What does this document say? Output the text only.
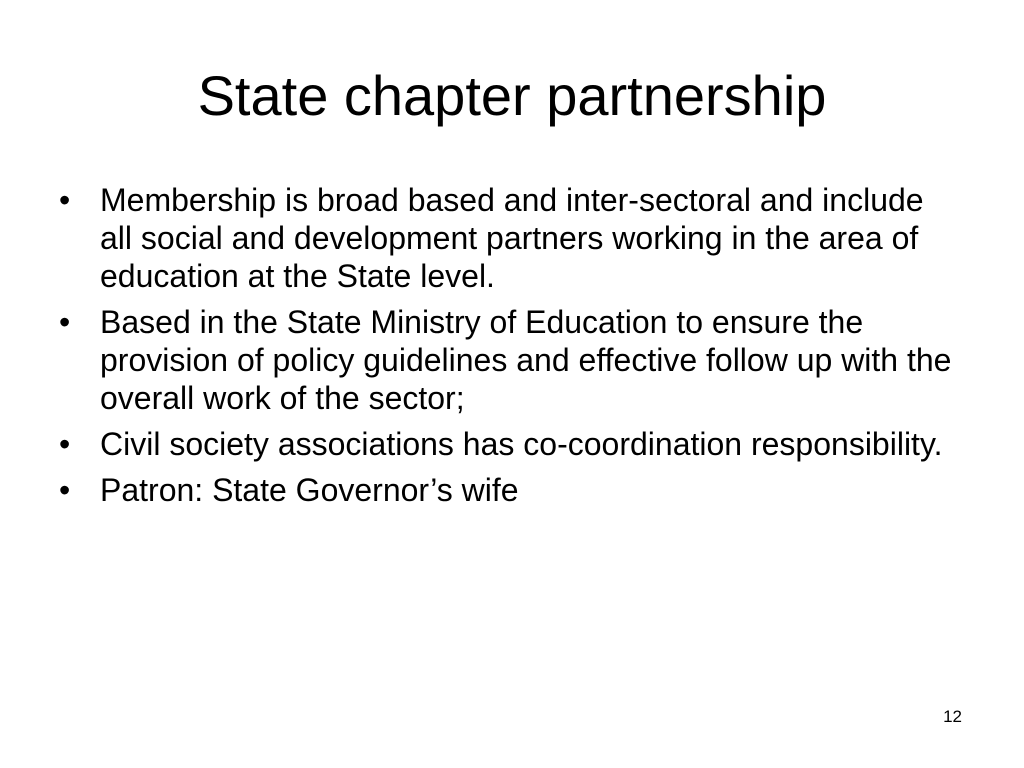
State chapter partnership
• Membership is broad based and inter-sectoral and include all social and development partners working in the area of education at the State level.
• Based in the State Ministry of Education to ensure the provision of policy guidelines and effective follow up with the overall work of the sector;
• Civil society associations has co-coordination responsibility.
• Patron: State Governor’s wife
12
